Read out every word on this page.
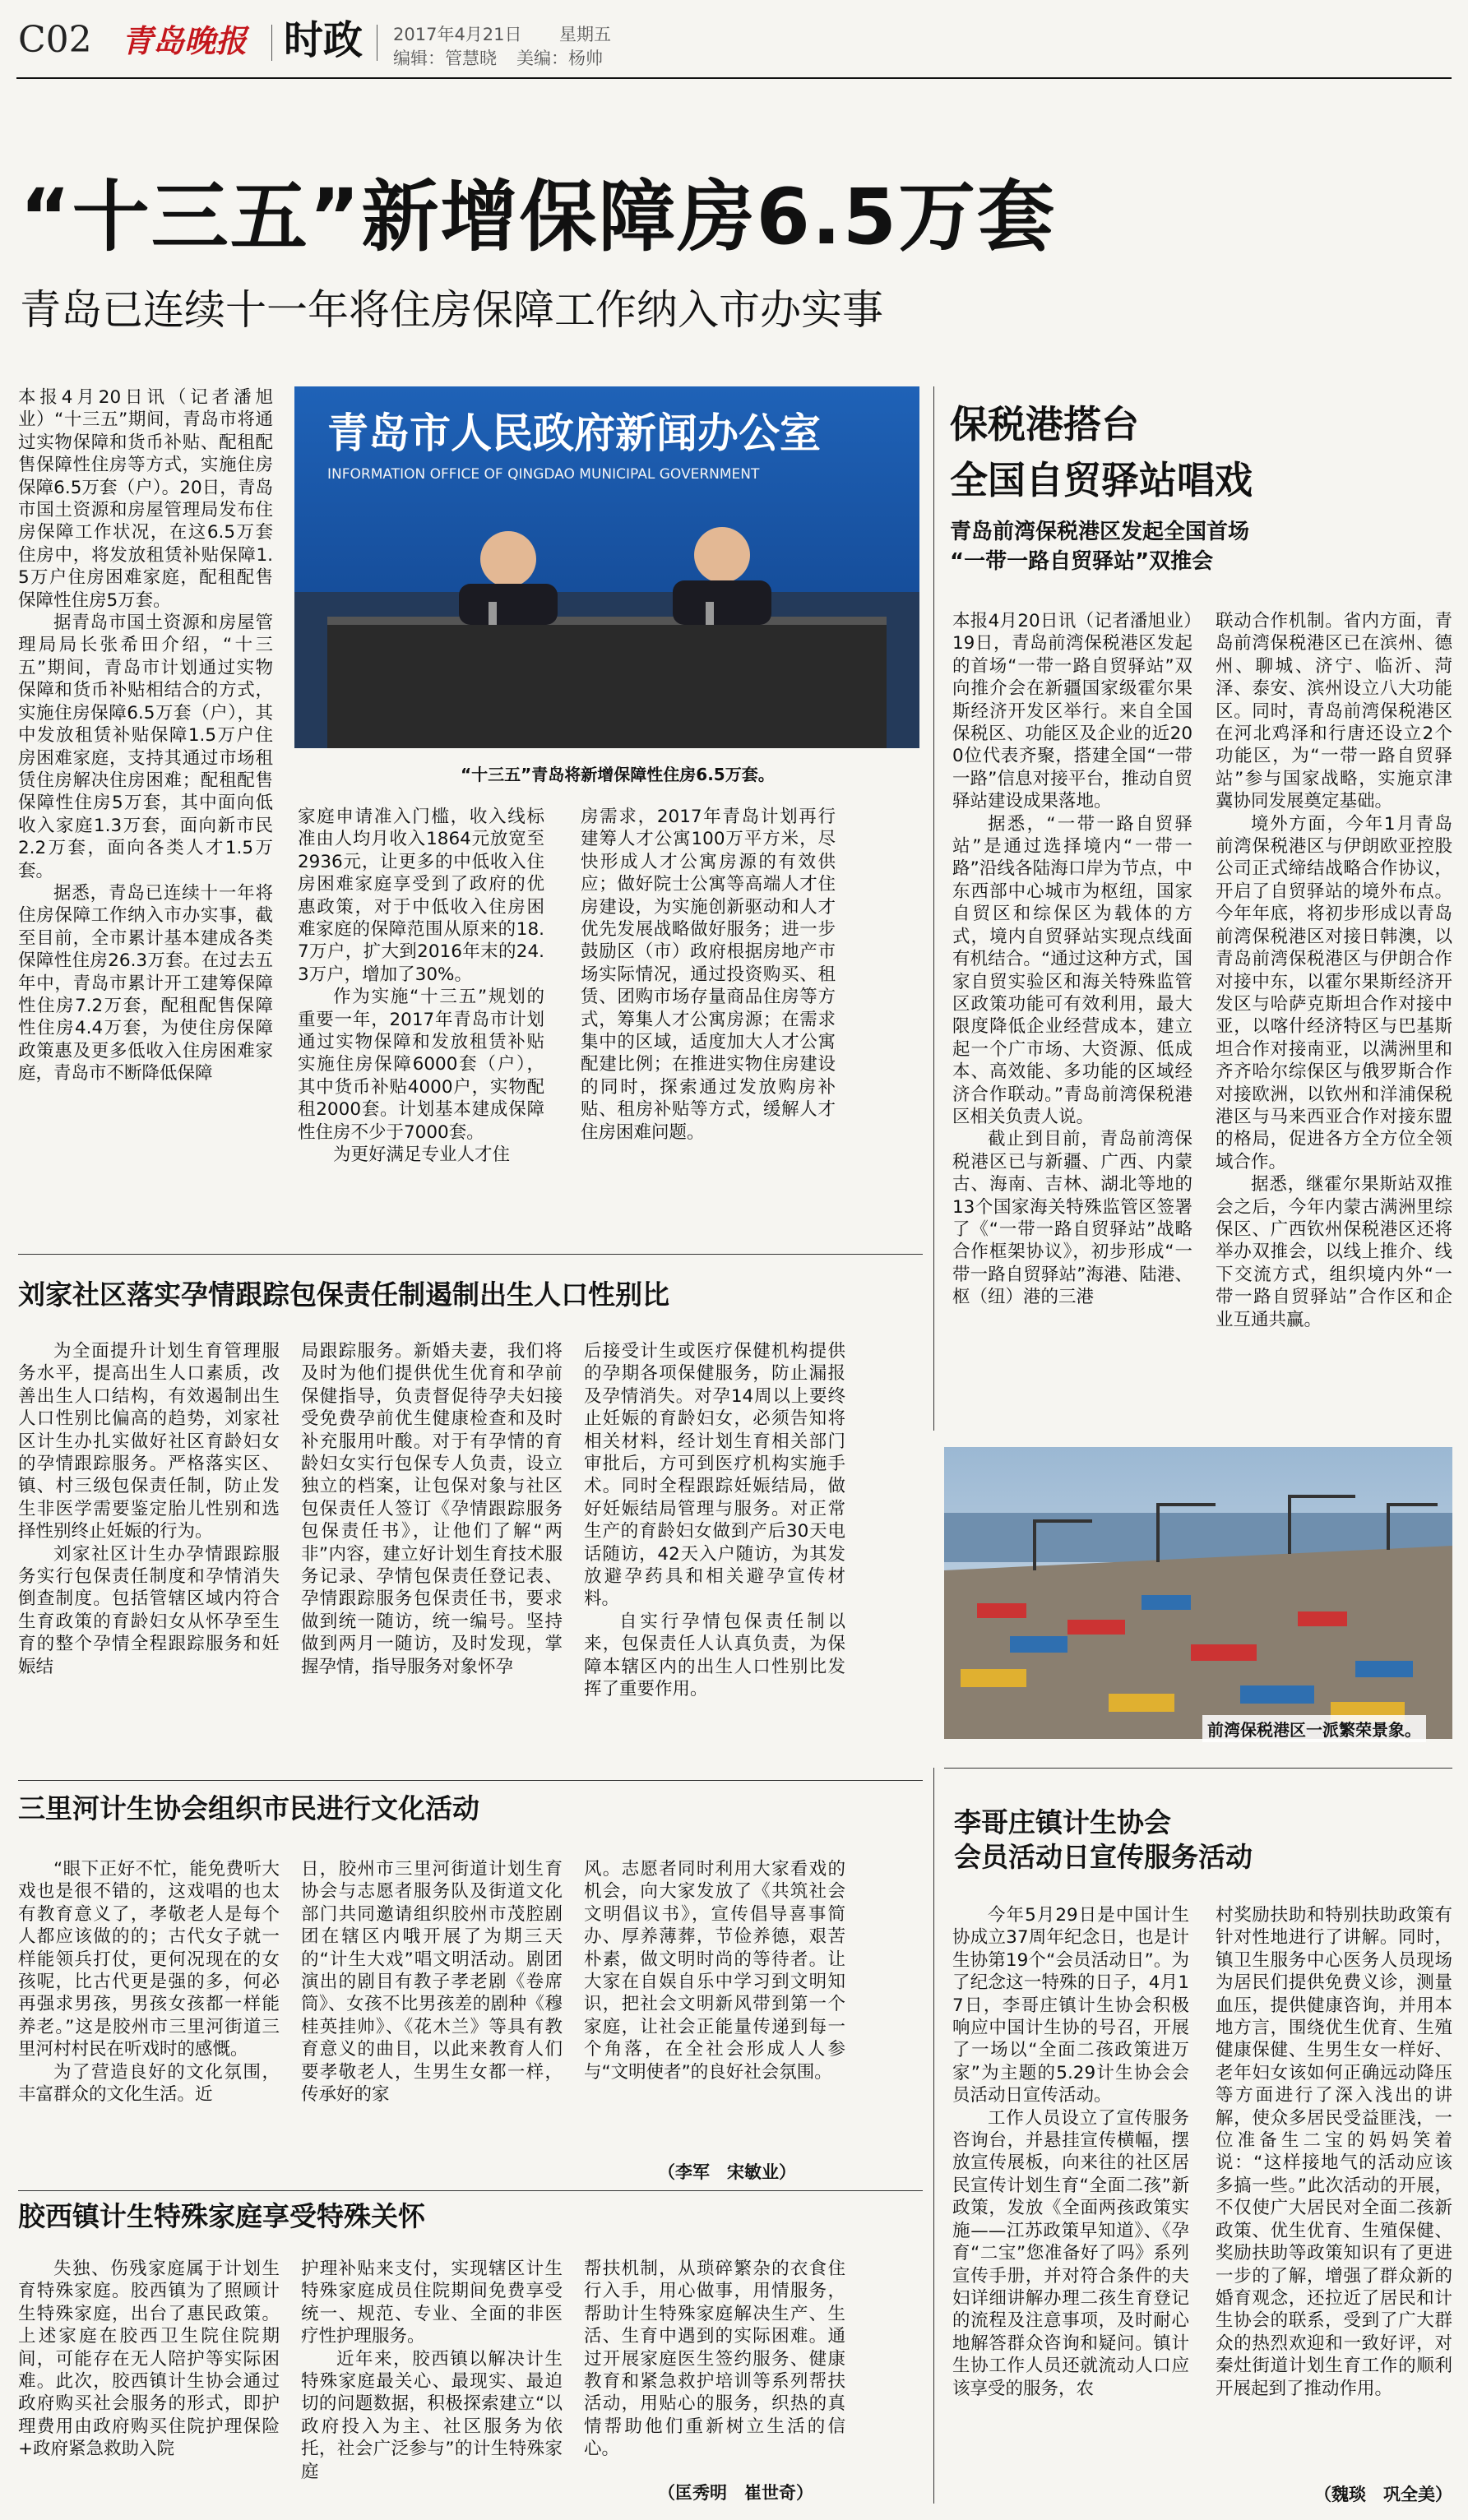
C02 青岛晚报 时政 2017年4月21日 星期五
编辑：管慧晓 美编：杨帅
“十三五”新增保障房6.5万套
青岛已连续十一年将住房保障工作纳入市办实事

本报4月20日讯（记者潘旭业）“十三五”期间，青岛市将通过实物保障和货币补贴、配租配售保障性住房等方式，实施住房保障6.5万套（户）。20日，青岛市国土资源和房屋管理局发布住房保障工作状况，在这6.5万套住房中，将发放租赁补贴保障1.5万户住房困难家庭，配租配售保障性住房5万套。

据青岛市国土资源和房屋管理局局长张希田介绍，“十三五”期间，青岛市计划通过实物保障和货币补贴相结合的方式，实施住房保障6.5万套（户），其中发放租赁补贴保障1.5万户住房困难家庭，支持其通过市场租赁住房解决住房困难；配租配售保障性住房5万套，其中面向低收入家庭1.3万套，面向新市民2.2万套，面向各类人才1.5万套。

据悉，青岛已连续十一年将住房保障工作纳入市办实事，截至目前，全市累计基本建成各类保障性住房26.3万套。在过去五年中，青岛市累计开工建筹保障性住房7.2万套，配租配售保障性住房4.4万套，为使住房保障政策惠及更多低收入住房困难家庭，青岛市不断降低保障

青岛市人民政府新闻办公室
INFORMATION OFFICE OF QINGDAO MUNICIPAL GOVERNMENT
“十三五”青岛将新增保障性住房6.5万套。

家庭申请准入门槛，收入线标准由人均月收入1864元放宽至2936元，让更多的中低收入住房困难家庭享受到了政府的优惠政策，对于中低收入住房困难家庭的保障范围从原来的18.7万户，扩大到2016年末的24.3万户，增加了30%。

作为实施“十三五”规划的重要一年，2017年青岛市计划通过实物保障和发放租赁补贴实施住房保障6000套（户），其中货币补贴4000户，实物配租2000套。计划基本建成保障性住房不少于7000套。

为更好满足专业人才住

房需求，2017年青岛计划再行建筹人才公寓100万平方米，尽快形成人才公寓房源的有效供应；做好院士公寓等高端人才住房建设，为实施创新驱动和人才优先发展战略做好服务；进一步鼓励区（市）政府根据房地产市场实际情况，通过投资购买、租赁、团购市场存量商品住房等方式，筹集人才公寓房源；在需求集中的区域，适度加大人才公寓配建比例；在推进实物住房建设的同时，探索通过发放购房补贴、租房补贴等方式，缓解人才住房困难问题。

保税港搭台
全国自贸驿站唱戏
青岛前湾保税港区发起全国首场
“一带一路自贸驿站”双推会

本报4月20日讯（记者潘旭业）19日，青岛前湾保税港区发起的首场“一带一路自贸驿站”双向推介会在新疆国家级霍尔果斯经济开发区举行。来自全国保税区、功能区及企业的近200位代表齐聚，搭建全国“一带一路”信息对接平台，推动自贸驿站建设成果落地。

据悉，“一带一路自贸驿站”是通过选择境内“一带一路”沿线各陆海口岸为节点，中东西部中心城市为枢纽，国家自贸区和综保区为载体的方式，境内自贸驿站实现点线面有机结合。“通过这种方式，国家自贸实验区和海关特殊监管区政策功能可有效利用，最大限度降低企业经营成本，建立起一个广市场、大资源、低成本、高效能、多功能的区域经济合作联动。”青岛前湾保税港区相关负责人说。

截止到目前，青岛前湾保税港区已与新疆、广西、内蒙古、海南、吉林、湖北等地的13个国家海关特殊监管区签署了《“一带一路自贸驿站”战略合作框架协议》，初步形成“一带一路自贸驿站”海港、陆港、枢（纽）港的三港

联动合作机制。省内方面，青岛前湾保税港区已在滨州、德州、聊城、济宁、临沂、菏泽、泰安、滨州设立八大功能区。同时，青岛前湾保税港区在河北鸡泽和行唐还设立2个功能区，为“一带一路自贸驿站”参与国家战略，实施京津冀协同发展奠定基础。

境外方面，今年1月青岛前湾保税港区与伊朗欧亚控股公司正式缔结战略合作协议，开启了自贸驿站的境外布点。今年年底，将初步形成以青岛前湾保税港区对接日韩澳，以青岛前湾保税港区与伊朗合作对接中东，以霍尔果斯经济开发区与哈萨克斯坦合作对接中亚，以喀什经济特区与巴基斯坦合作对接南亚，以满洲里和齐齐哈尔综保区与俄罗斯合作对接欧洲，以钦州和洋浦保税港区与马来西亚合作对接东盟的格局，促进各方全方位全领域合作。

据悉，继霍尔果斯站双推会之后，今年内蒙古满洲里综保区、广西钦州保税港区还将举办双推会，以线上推介、线下交流方式，组织境内外“一带一路自贸驿站”合作区和企业互通共赢。

前湾保税港区一派繁荣景象。
刘家社区落实孕情跟踪包保责任制遏制出生人口性别比

为全面提升计划生育管理服务水平，提高出生人口素质，改善出生人口结构，有效遏制出生人口性别比偏高的趋势，刘家社区计生办扎实做好社区育龄妇女的孕情跟踪服务。严格落实区、镇、村三级包保责任制，防止发生非医学需要鉴定胎儿性别和选择性别终止妊娠的行为。

刘家社区计生办孕情跟踪服务实行包保责任制度和孕情消失倒查制度。包括管辖区域内符合生育政策的育龄妇女从怀孕至生育的整个孕情全程跟踪服务和妊娠结

局跟踪服务。新婚夫妻，我们将及时为他们提供优生优育和孕前保健指导，负责督促待孕夫妇接受免费孕前优生健康检查和及时补充服用叶酸。对于有孕情的育龄妇女实行包保专人负责，设立独立的档案，让包保对象与社区包保责任人签订《孕情跟踪服务包保责任书》，让他们了解“两非”内容，建立好计划生育技术服务记录、孕情包保责任登记表、孕情跟踪服务包保责任书，要求做到统一随访，统一编号。坚持做到两月一随访，及时发现，掌握孕情，指导服务对象怀孕

后接受计生或医疗保健机构提供的孕期各项保健服务，防止漏报及孕情消失。对孕14周以上要终止妊娠的育龄妇女，必须告知将相关材料，经计划生育相关部门审批后，方可到医疗机构实施手术。同时全程跟踪妊娠结局，做好妊娠结局管理与服务。对正常生产的育龄妇女做到产后30天电话随访，42天入户随访，为其发放避孕药具和相关避孕宣传材料。

自实行孕情包保责任制以来，包保责任人认真负责，为保障本辖区内的出生人口性别比发挥了重要作用。

三里河计生协会组织市民进行文化活动

“眼下正好不忙，能免费听大戏也是很不错的，这戏唱的也太有教育意义了，孝敬老人是每个人都应该做的的；古代女子就一样能领兵打仗，更何况现在的女孩呢，比古代更是强的多，何必再强求男孩，男孩女孩都一样能养老。”这是胶州市三里河街道三里河村村民在听戏时的感慨。

为了营造良好的文化氛围，丰富群众的文化生活。近

日，胶州市三里河街道计划生育协会与志愿者服务队及街道文化部门共同邀请组织胶州市茂腔剧团在辖区内哦开展了为期三天的“计生大戏”唱文明活动。剧团演出的剧目有教子孝老剧《卷席筒》、女孩不比男孩差的剧种《穆桂英挂帅》、《花木兰》等具有教育意义的曲目，以此来教育人们要孝敬老人，生男生女都一样，传承好的家

风。志愿者同时利用大家看戏的机会，向大家发放了《共筑社会文明倡议书》，宣传倡导喜事简办、厚养薄葬，节俭养德，艰苦朴素，做文明时尚的等待者。让大家在自娱自乐中学习到文明知识，把社会文明新风带到第一个家庭，让社会正能量传递到每一个角落，在全社会形成人人参与“文明使者”的良好社会氛围。

（李军　宋敏业）
胶西镇计生特殊家庭享受特殊关怀

失独、伤残家庭属于计划生育特殊家庭。胶西镇为了照顾计生特殊家庭，出台了惠民政策。上述家庭在胶西卫生院住院期间，可能存在无人陪护等实际困难。此次，胶西镇计生协会通过政府购买社会服务的形式，即护理费用由政府购买住院护理保险+政府紧急救助入院

护理补贴来支付，实现辖区计生特殊家庭成员住院期间免费享受统一、规范、专业、全面的非医疗性护理服务。

近年来，胶西镇以解决计生特殊家庭最关心、最现实、最迫切的问题数据，积极探索建立“以政府投入为主、社区服务为依托，社会广泛参与”的计生特殊家庭

帮扶机制，从琐碎繁杂的衣食住行入手，用心做事，用情服务，帮助计生特殊家庭解决生产、生活、生育中遇到的实际困难。通过开展家庭医生签约服务、健康教育和紧急救护培训等系列帮扶活动，用贴心的服务，织热的真情帮助他们重新树立生活的信心。

（匡秀明　崔世奇）
李哥庄镇计生协会
会员活动日宣传服务活动

今年5月29日是中国计生协成立37周年纪念日，也是计生协第19个“会员活动日”。为了纪念这一特殊的日子，4月17日，李哥庄镇计生协会积极响应中国计生协的号召，开展了一场以“全面二孩政策进万家”为主题的5.29计生协会会员活动日宣传活动。

工作人员设立了宣传服务咨询台，并悬挂宣传横幅，摆放宣传展板，向来往的社区居民宣传计划生育“全面二孩”新政策，发放《全面两孩政策实施——江苏政策早知道》、《孕育“二宝”您准备好了吗》系列宣传手册，并对符合条件的夫妇详细讲解办理二孩生育登记的流程及注意事项，及时耐心地解答群众咨询和疑问。镇计生协工作人员还就流动人口应该享受的服务，农

村奖励扶助和特别扶助政策有针对性地进行了讲解。同时，镇卫生服务中心医务人员现场为居民们提供免费义诊，测量血压，提供健康咨询，并用本地方言，围绕优生优育、生殖健康保健、生男生女一样好、老年妇女该如何正确远动降压等方面进行了深入浅出的讲解，使众多居民受益匪浅，一位准备生二宝的妈妈笑着说：“这样接地气的活动应该多搞一些。”此次活动的开展，不仅使广大居民对全面二孩新政策、优生优育、生殖保健、奖励扶助等政策知识有了更进一步的了解，增强了群众新的婚育观念，还拉近了居民和计生协会的联系，受到了广大群众的热烈欢迎和一致好评，对秦灶街道计划生育工作的顺利开展起到了推动作用。

（魏琰　巩全美）
